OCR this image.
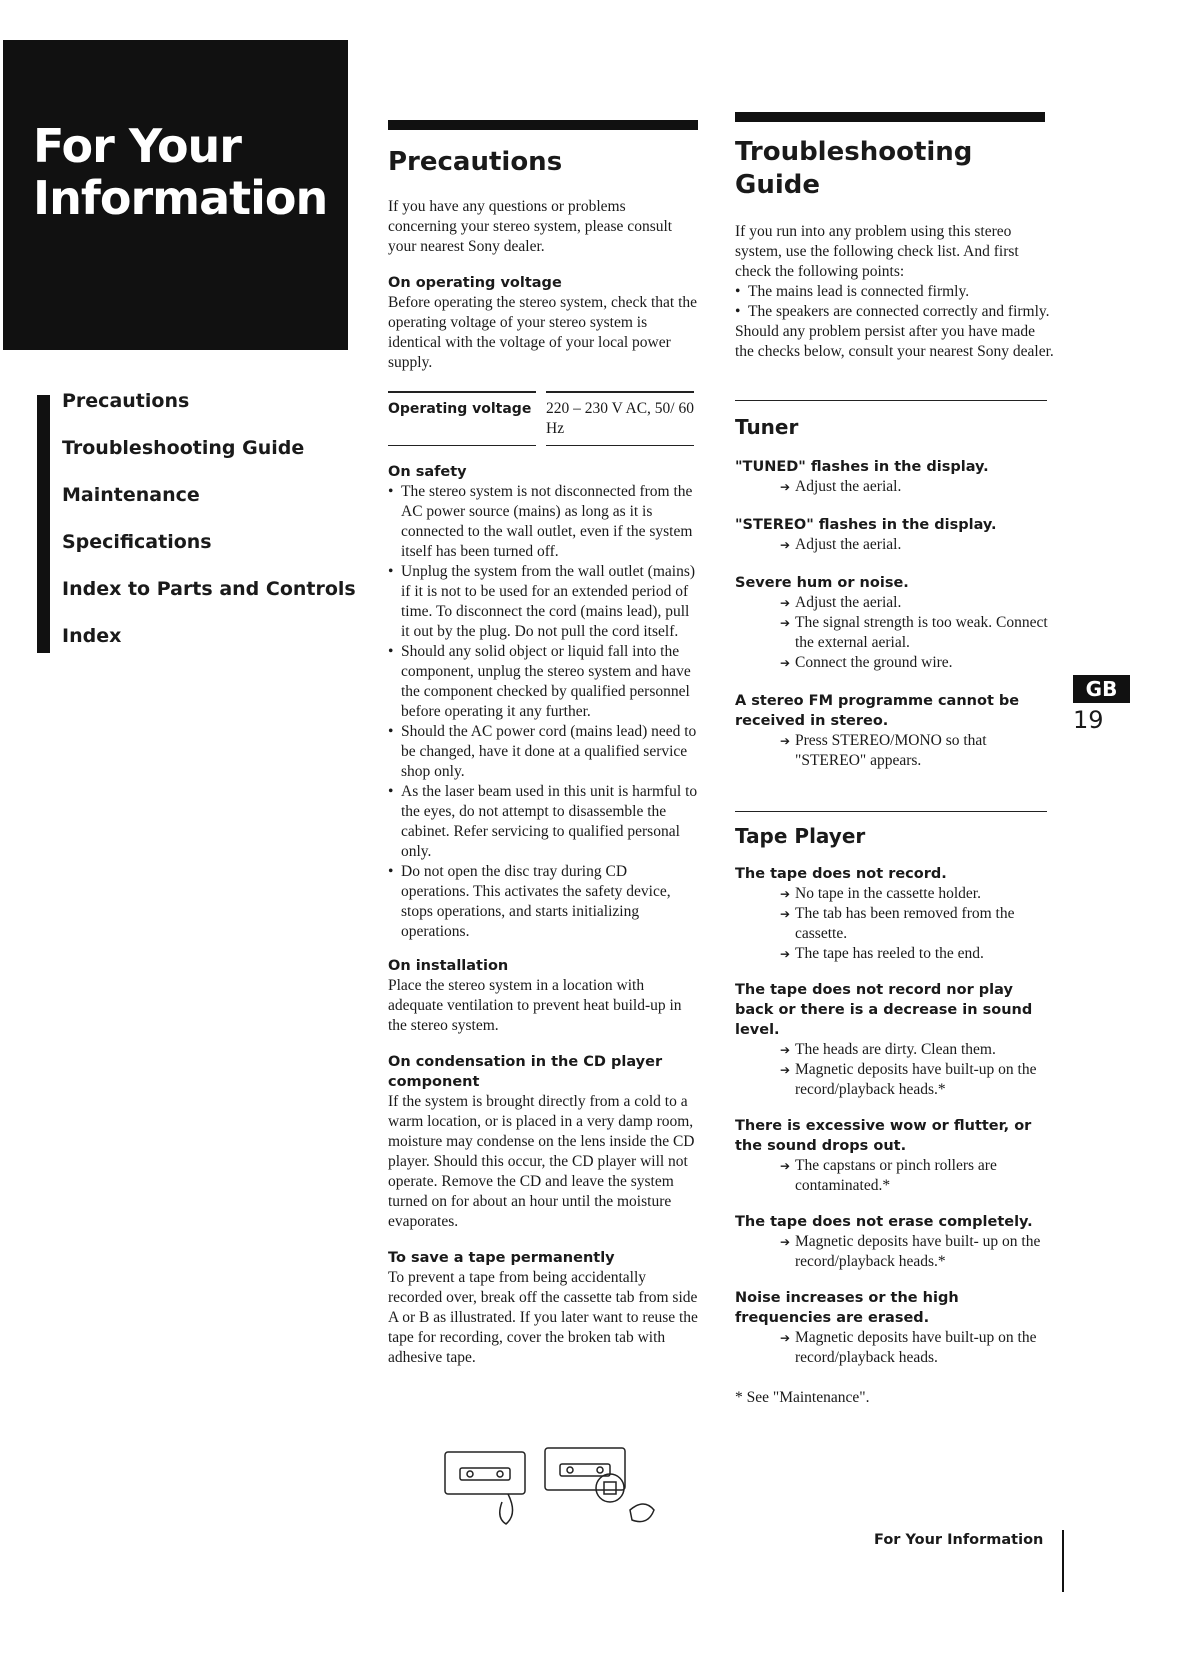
For Your
Information
Precautions
Troubleshooting Guide
Maintenance
Specifications
Index to Parts and Controls
Index
Precautions

If you have any questions or problems concerning your stereo system, please consult your nearest Sony dealer.

On operating voltage

Before operating the stereo system, check that the operating voltage of your stereo system is identical with the voltage of your local power supply.

Operating voltage		220 – 230 V AC, 50/ 60 Hz
On safety
• The stereo system is not disconnected from the AC power source (mains) as long as it is connected to the wall outlet, even if the system itself has been turned off.
• Unplug the system from the wall outlet (mains) if it is not to be used for an extended period of time. To disconnect the cord (mains lead), pull it out by the plug. Do not pull the cord itself.
• Should any solid object or liquid fall into the component, unplug the stereo system and have the component checked by qualified personnel before operating it any further.
• Should the AC power cord (mains lead) need to be changed, have it done at a qualified service shop only.
• As the laser beam used in this unit is harmful to the eyes, do not attempt to disassemble the cabinet. Refer servicing to qualified personal only.
• Do not open the disc tray during CD operations. This activates the safety device, stops operations, and starts initializing operations.
On installation

Place the stereo system in a location with adequate ventilation to prevent heat build-up in the stereo system.

On condensation in the CD player component

If the system is brought directly from a cold to a warm location, or is placed in a very damp room, moisture may condense on the lens inside the CD player. Should this occur, the CD player will not operate. Remove the CD and leave the system turned on for about an hour until the moisture evaporates.

To save a tape permanently

To prevent a tape from being accidentally recorded over, break off the cassette tab from side A or B as illustrated. If you later want to reuse the tape for recording, cover the broken tab with adhesive tape.

Troubleshooting
Guide

If you run into any problem using this stereo system, use the following check list. And first check the following points:

• The mains lead is connected firmly.
• The speakers are connected correctly and firmly.

Should any problem persist after you have made the checks below, consult your nearest Sony dealer.

Tuner
"TUNED" flashes in the display.
➔ Adjust the aerial.
"STEREO" flashes in the display.
➔ Adjust the aerial.
Severe hum or noise.
➔ Adjust the aerial.
➔ The signal strength is too weak. Connect the external aerial.
➔ Connect the ground wire.
A stereo FM programme cannot be received in stereo.
➔ Press STEREO/MONO so that "STEREO" appears.
Tape Player
The tape does not record.
➔ No tape in the cassette holder.
➔ The tab has been removed from the cassette.
➔ The tape has reeled to the end.
The tape does not record nor play back or there is a decrease in sound level.
➔ The heads are dirty. Clean them.
➔ Magnetic deposits have built-up on the record/playback heads.*
There is excessive wow or flutter, or the sound drops out.
➔ The capstans or pinch rollers are contaminated.*
The tape does not erase completely.
➔ Magnetic deposits have built- up on the record/playback heads.*
Noise increases or the high frequencies are erased.
➔ Magnetic deposits have built-up on the record/playback heads.

* See "Maintenance".

GB
19
For Your Information
